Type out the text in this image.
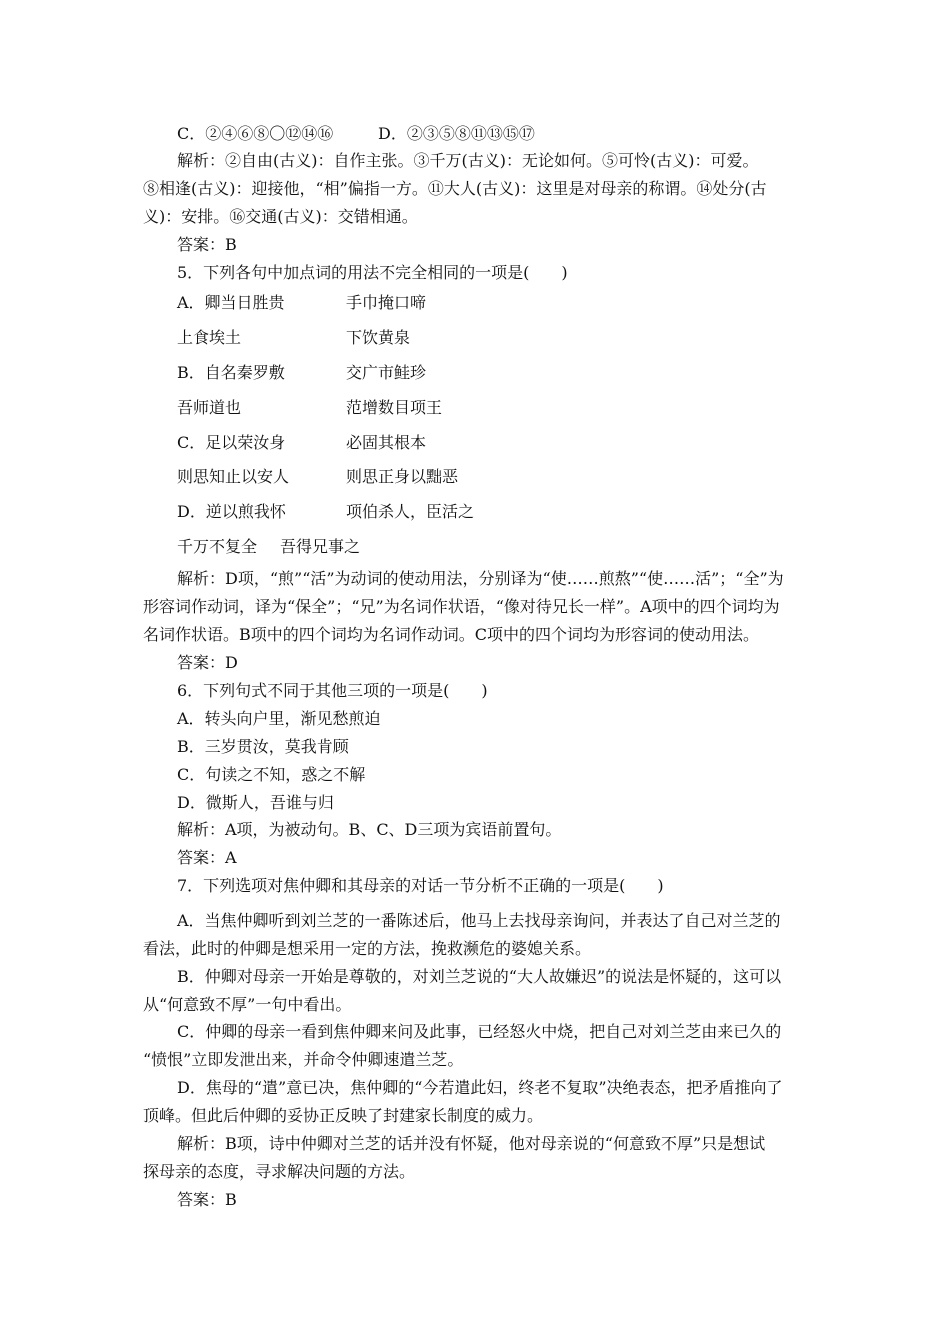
C．②④⑥⑧〇⑫⑭⑯	D．②③⑤⑧⑪⑬⑮⑰
解析：②自由(古义)：自作主张。③千万(古义)：无论如何。⑤可怜(古义)：可爱。
⑧相逢(古义)：迎接他，“相”偏指一方。⑪大人(古义)：这里是对母亲的称谓。⑭处分(古
义)：安排。⑯交通(古义)：交错相通。
答案：B
5．下列各句中加点词的用法不完全相同的一项是(　　)
A．卿当日胜贵	手巾掩口啼
上食埃土	下饮黄泉
B．自名秦罗敷	交广市鲑珍
吾师道也	范增数目项王
C．足以荣汝身	必固其根本
则思知止以安人	则思正身以黜恶
D．逆以煎我怀	项伯杀人，臣活之
千万不复全 吾得兄事之
解析：D项，“煎”“活”为动词的使动用法，分别译为“使……煎熬”“使……活”；“全”为
形容词作动词，译为“保全”；“兄”为名词作状语，“像对待兄长一样”。A项中的四个词均为
名词作状语。B项中的四个词均为名词作动词。C项中的四个词均为形容词的使动用法。
答案：D
6．下列句式不同于其他三项的一项是(　　)
A．转头向户里，渐见愁煎迫
B．三岁贯汝，莫我肯顾
C．句读之不知，惑之不解
D．微斯人，吾谁与归
解析：A项，为被动句。B、C、D三项为宾语前置句。
答案：A
7．下列选项对焦仲卿和其母亲的对话一节分析不正确的一项是(　　)
A．当焦仲卿听到刘兰芝的一番陈述后，他马上去找母亲询问，并表达了自己对兰芝的
看法，此时的仲卿是想采用一定的方法，挽救濒危的婆媳关系。
B．仲卿对母亲一开始是尊敬的，对刘兰芝说的“大人故嫌迟”的说法是怀疑的，这可以
从“何意致不厚”一句中看出。
C．仲卿的母亲一看到焦仲卿来问及此事，已经怒火中烧，把自己对刘兰芝由来已久的
“愤恨”立即发泄出来，并命令仲卿速遣兰芝。
D．焦母的“遣”意已决，焦仲卿的“今若遣此妇，终老不复取”决绝表态，把矛盾推向了
顶峰。但此后仲卿的妥协正反映了封建家长制度的威力。
解析：B项，诗中仲卿对兰芝的话并没有怀疑，他对母亲说的“何意致不厚”只是想试
探母亲的态度，寻求解决问题的方法。
答案：B
